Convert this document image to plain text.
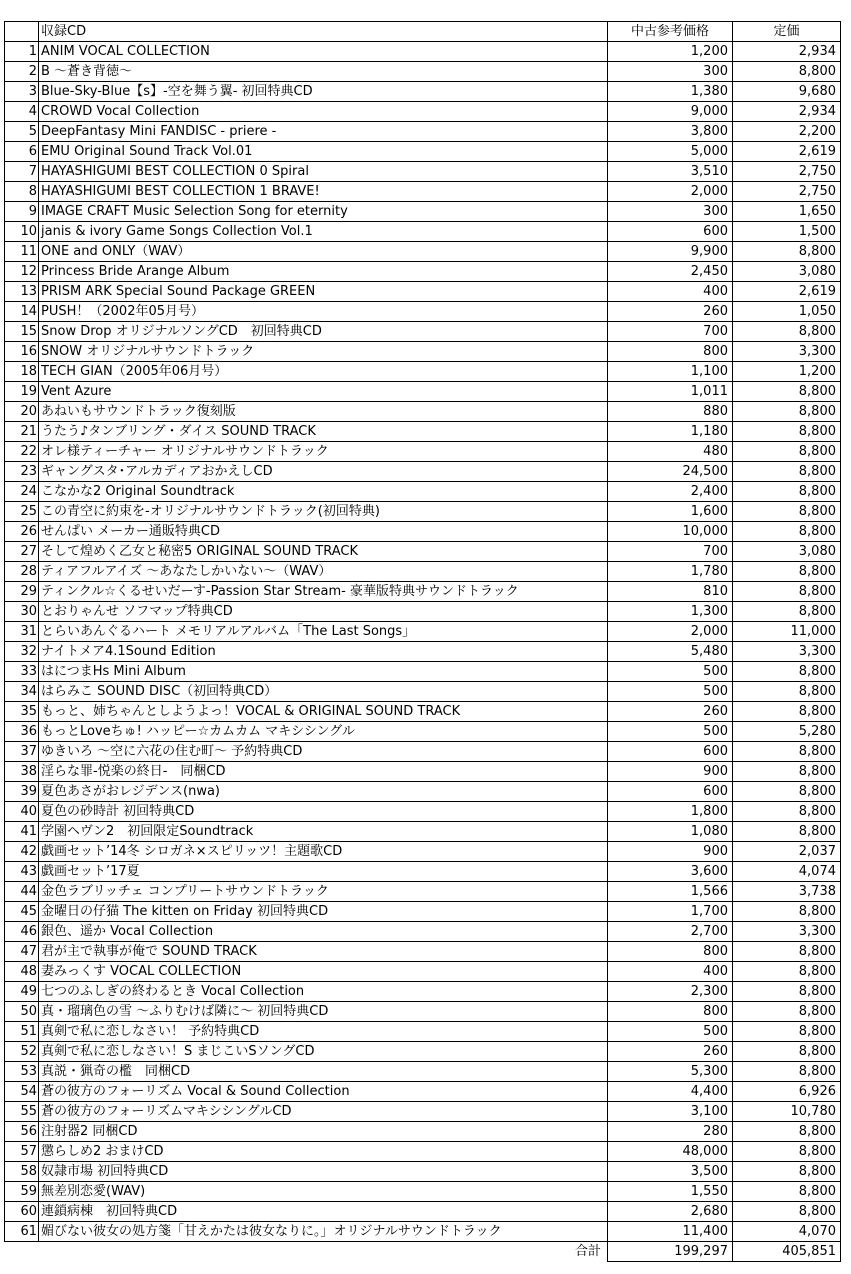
	収録CD	中古参考価格	定価
1	ANIM VOCAL COLLECTION	1,200	2,934
2	B ～蒼き背徳～	300	8,800
3	Blue-Sky-Blue【s】-空を舞う翼- 初回特典CD	1,380	9,680
4	CROWD Vocal Collection	9,000	2,934
5	DeepFantasy Mini FANDISC - priere -	3,800	2,200
6	EMU Original Sound Track Vol.01	5,000	2,619
7	HAYASHIGUMI BEST COLLECTION 0 Spiral	3,510	2,750
8	HAYASHIGUMI BEST COLLECTION 1 BRAVE!	2,000	2,750
9	IMAGE CRAFT Music Selection Song for eternity	300	1,650
10	janis & ivory Game Songs Collection Vol.1	600	1,500
11	ONE and ONLY（WAV）	9,900	8,800
12	Princess Bride Arange Album	2,450	3,080
13	PRISM ARK Special Sound Package GREEN	400	2,619
14	PUSH！（2002年05月号）	260	1,050
15	Snow Drop オリジナルソングCD　初回特典CD	700	8,800
16	SNOW オリジナルサウンドトラック	800	3,300
18	TECH GIAN（2005年06月号）	1,100	1,200
19	Vent Azure	1,011	8,800
20	あねいもサウンドトラック復刻版	880	8,800
21	うたう♪タンブリング・ダイス SOUND TRACK	1,180	8,800
22	オレ様ティーチャー オリジナルサウンドトラック	480	8,800
23	ギャングスタ･アルカディアおかえしCD	24,500	8,800
24	こなかな2 Original Soundtrack	2,400	8,800
25	この青空に約束を-オリジナルサウンドトラック(初回特典)	1,600	8,800
26	せんぱい メーカー通販特典CD	10,000	8,800
27	そして煌めく乙女と秘密5 ORIGINAL SOUND TRACK	700	3,080
28	ティアフルアイズ ～あなたしかいない～（WAV）	1,780	8,800
29	ティンクル☆くるせいだーす-Passion Star Stream- 豪華版特典サウンドトラック	810	8,800
30	とおりゃんせ ソフマップ特典CD	1,300	8,800
31	とらいあんぐるハート メモリアルアルバム「The Last Songs」	2,000	11,000
32	ナイトメア4.1Sound Edition	5,480	3,300
33	はにつまHs Mini Album	500	8,800
34	はらみこ SOUND DISC（初回特典CD）	500	8,800
35	もっと、姉ちゃんとしようよっ！VOCAL & ORIGINAL SOUND TRACK	260	8,800
36	もっとLoveちゅ! ハッピー☆カムカム マキシシングル	500	5,280
37	ゆきいろ ～空に六花の住む町～ 予約特典CD	600	8,800
38	淫らな罪-悦楽の終日-　同梱CD	900	8,800
39	夏色あさがおレジデンス(nwa)	600	8,800
40	夏色の砂時計 初回特典CD	1,800	8,800
41	学園ヘヴン2　初回限定Soundtrack	1,080	8,800
42	戯画セット’14冬 シロガネ×スピリッツ！主題歌CD	900	2,037
43	戯画セット’17夏	3,600	4,074
44	金色ラブリッチェ コンプリートサウンドトラック	1,566	3,738
45	金曜日の仔猫 The kitten on Friday 初回特典CD	1,700	8,800
46	銀色、遥か Vocal Collection	2,700	3,300
47	君が主で執事が俺で SOUND TRACK	800	8,800
48	妻みっくす VOCAL COLLECTION	400	8,800
49	七つのふしぎの終わるとき Vocal Collection	2,300	8,800
50	真・瑠璃色の雪 ～ふりむけば隣に～ 初回特典CD	800	8,800
51	真剣で私に恋しなさい！ 予約特典CD	500	8,800
52	真剣で私に恋しなさい！S まじこいSソングCD	260	8,800
53	真説・猟奇の檻　同梱CD	5,300	8,800
54	蒼の彼方のフォーリズム Vocal & Sound Collection	4,400	6,926
55	蒼の彼方のフォーリズムマキシシングルCD	3,100	10,780
56	注射器2 同梱CD	280	8,800
57	懲らしめ2 おまけCD	48,000	8,800
58	奴隷市場 初回特典CD	3,500	8,800
59	無差別恋愛(WAV)	1,550	8,800
60	連鎖病棟　初回特典CD	2,680	8,800
61	媚びない彼女の処方箋「甘えかたは彼女なりに。」オリジナルサウンドトラック	11,400	4,070
	合計	199,297	405,851
